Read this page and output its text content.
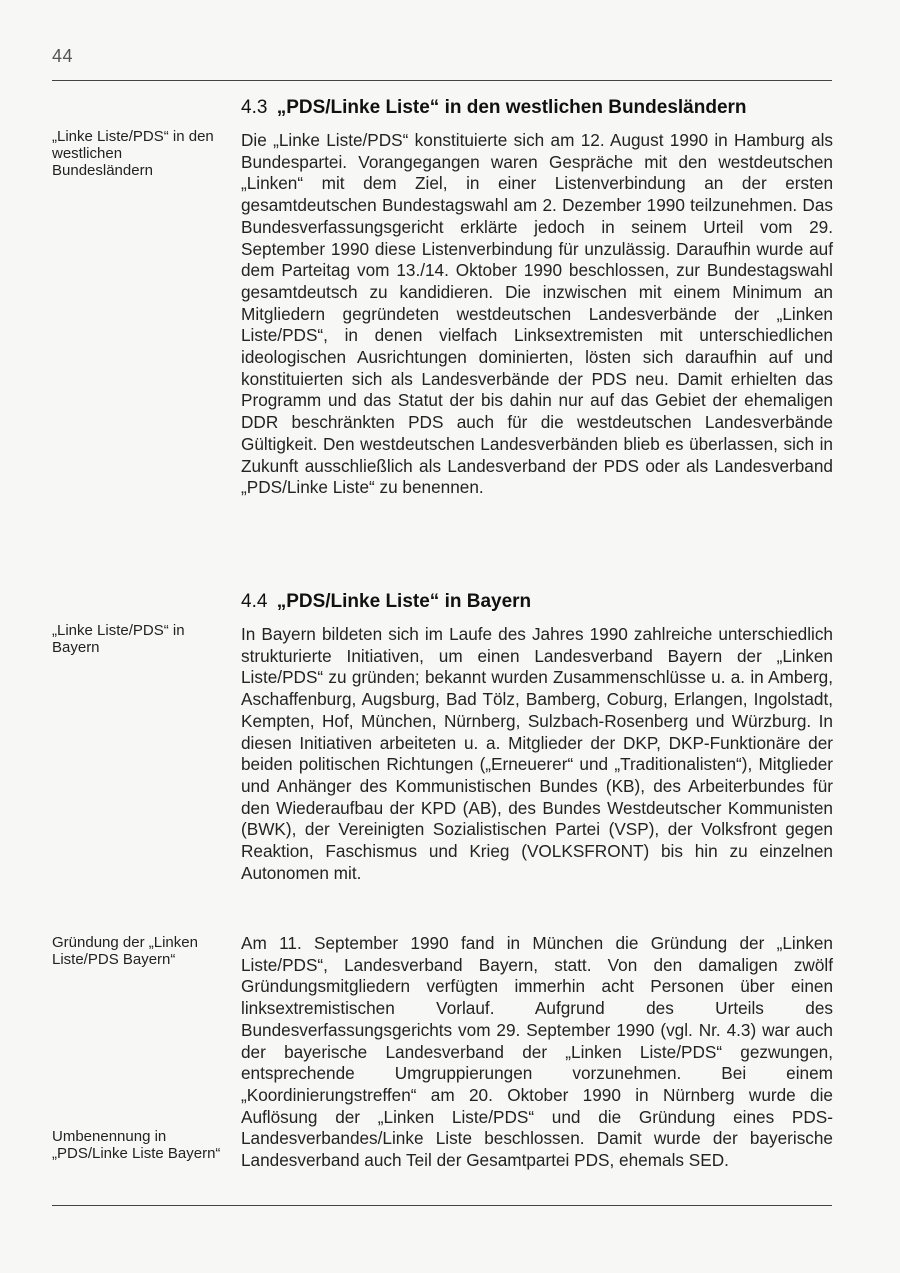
44
4.3 „PDS/Linke Liste“ in den westlichen Bundesländern
„Linke Liste/PDS“ in den westlichen Bundesländern

Die „Linke Liste/PDS“ konstituierte sich am 12. August 1990 in Hamburg als Bundespartei. Vorangegangen waren Gespräche mit den westdeutschen „Linken“ mit dem Ziel, in einer Listenverbindung an der ersten gesamtdeutschen Bundestagswahl am 2. Dezember 1990 teilzunehmen. Das Bundesverfassungsgericht erklärte jedoch in seinem Urteil vom 29. September 1990 diese Listenverbindung für unzulässig. Daraufhin wurde auf dem Parteitag vom 13./14. Oktober 1990 beschlossen, zur Bundestagswahl gesamtdeutsch zu kandidieren. Die inzwischen mit einem Minimum an Mitgliedern gegründeten westdeutschen Landesverbände der „Linken Liste/PDS“, in denen vielfach Linksextremisten mit unterschiedlichen ideologischen Ausrichtungen dominierten, lösten sich daraufhin auf und konstituierten sich als Landesverbände der PDS neu. Damit erhielten das Programm und das Statut der bis dahin nur auf das Gebiet der ehemaligen DDR beschränkten PDS auch für die westdeutschen Landesverbände Gültigkeit. Den westdeutschen Landesverbänden blieb es überlassen, sich in Zukunft ausschließlich als Landesverband der PDS oder als Landesverband „PDS/Linke Liste“ zu benennen.

4.4 „PDS/Linke Liste“ in Bayern
„Linke Liste/PDS“ in Bayern

In Bayern bildeten sich im Laufe des Jahres 1990 zahlreiche unterschiedlich strukturierte Initiativen, um einen Landesverband Bayern der „Linken Liste/PDS“ zu gründen; bekannt wurden Zusammenschlüsse u. a. in Amberg, Aschaffenburg, Augsburg, Bad Tölz, Bamberg, Coburg, Erlangen, Ingolstadt, Kempten, Hof, München, Nürnberg, Sulzbach-Rosenberg und Würzburg. In diesen Initiativen arbeiteten u. a. Mitglieder der DKP, DKP-Funktionäre der beiden politischen Richtungen („Erneuerer“ und „Traditionalisten“), Mitglieder und Anhänger des Kommunistischen Bundes (KB), des Arbeiterbundes für den Wiederaufbau der KPD (AB), des Bundes Westdeutscher Kommunisten (BWK), der Vereinigten Sozialistischen Partei (VSP), der Volksfront gegen Reaktion, Faschismus und Krieg (VOLKSFRONT) bis hin zu einzelnen Autonomen mit.

Gründung der „Linken Liste/PDS Bayern“

Am 11. September 1990 fand in München die Gründung der „Linken Liste/PDS“, Landesverband Bayern, statt. Von den damaligen zwölf Gründungsmitgliedern verfügten immerhin acht Personen über einen linksextremistischen Vorlauf. Aufgrund des Urteils des Bundesverfassungsgerichts vom 29. September 1990 (vgl. Nr. 4.3) war auch der bayerische Landesverband der „Linken Liste/PDS“ gezwungen, entsprechende Umgruppierungen vorzunehmen. Bei einem „Koordinierungstreffen“ am 20. Oktober 1990 in Nürnberg wurde die Auflösung der „Linken Liste/PDS“ und die Gründung eines PDS-Landesverbandes/Linke Liste beschlossen. Damit wurde der bayerische Landesverband auch Teil der Gesamtpartei PDS, ehemals SED.

Umbenennung in „PDS/Linke Liste Bayern“
